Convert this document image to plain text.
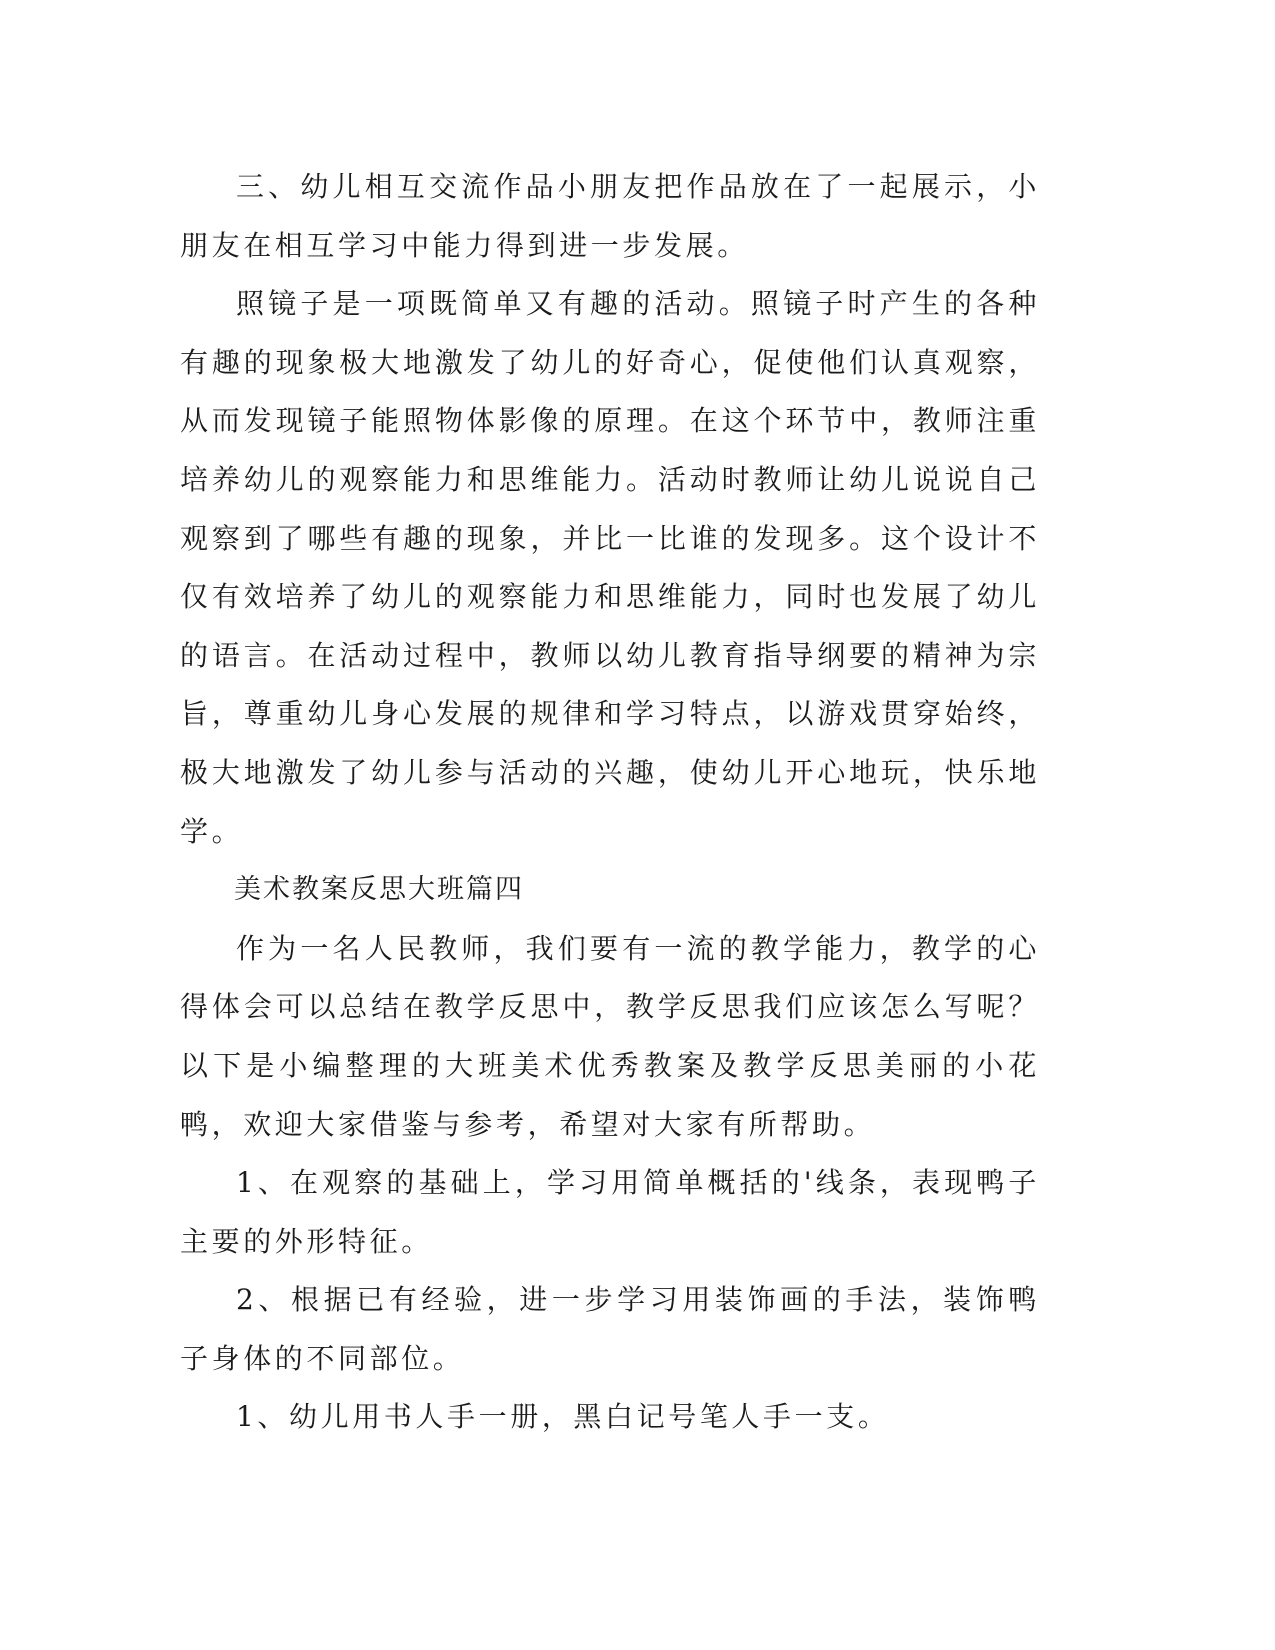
三、幼儿相互交流作品小朋友把作品放在了一起展示，小朋友在相互学习中能力得到进一步发展。

照镜子是一项既简单又有趣的活动。照镜子时产生的各种有趣的现象极大地激发了幼儿的好奇心，促使他们认真观察，从而发现镜子能照物体影像的原理。在这个环节中，教师注重培养幼儿的观察能力和思维能力。活动时教师让幼儿说说自己观察到了哪些有趣的现象，并比一比谁的发现多。这个设计不仅有效培养了幼儿的观察能力和思维能力，同时也发展了幼儿的语言。在活动过程中，教师以幼儿教育指导纲要的精神为宗旨，尊重幼儿身心发展的规律和学习特点，以游戏贯穿始终，极大地激发了幼儿参与活动的兴趣，使幼儿开心地玩，快乐地学。

美术教案反思大班篇四

作为一名人民教师，我们要有一流的教学能力，教学的心得体会可以总结在教学反思中，教学反思我们应该怎么写呢？以下是小编整理的大班美术优秀教案及教学反思美丽的小花鸭，欢迎大家借鉴与参考，希望对大家有所帮助。

1、在观察的基础上，学习用简单概括的'线条，表现鸭子主要的外形特征。

2、根据已有经验，进一步学习用装饰画的手法，装饰鸭子身体的不同部位。

1、幼儿用书人手一册，黑白记号笔人手一支。
